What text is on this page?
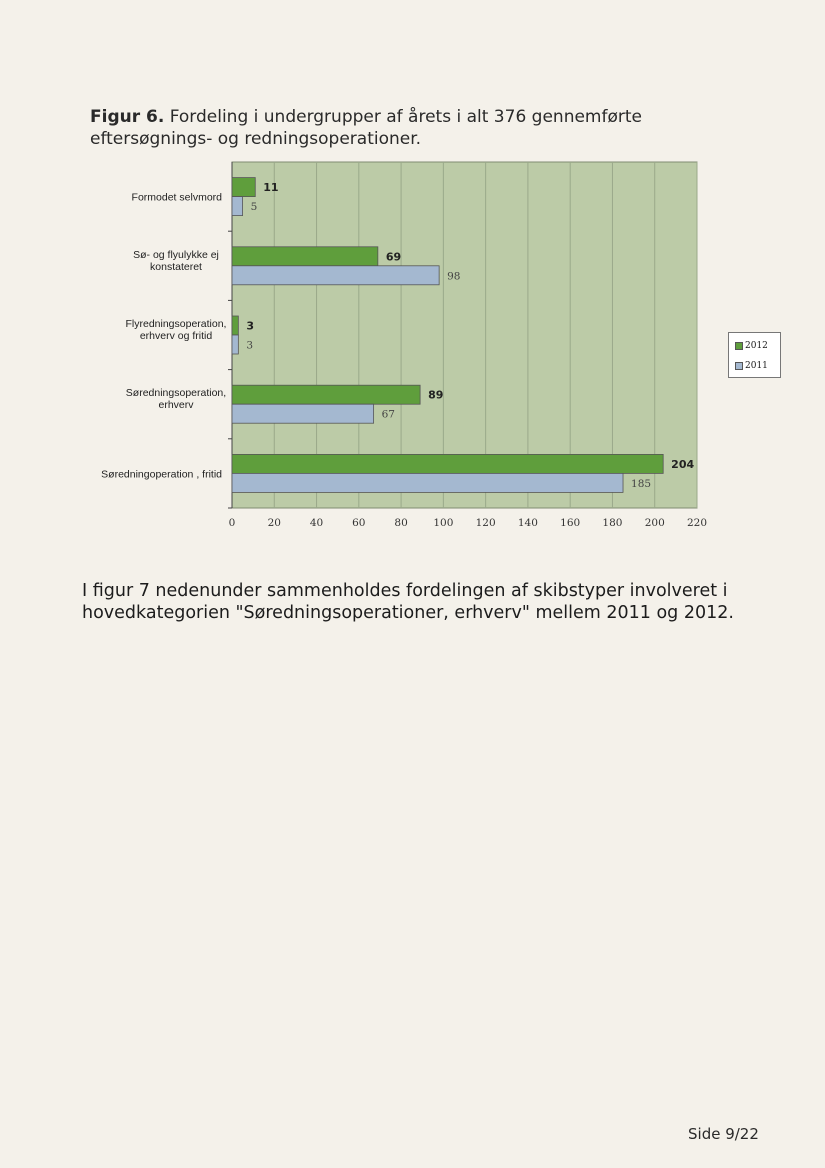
Figur 6. Fordeling i undergrupper af årets i alt 376 gennemførte eftersøgnings- og redningsoperationer.
0	20	40	60	80 100 120 140 160 180 200 220
11
5
Formodet selvmord
69
98
Sø- og flyulykke ej
konstateret
3
3
Flyredningsoperation,
erhverv og fritid
89
67
Søredningsoperation,
erhverv
204
185
Søredningoperation , fritid
2012
2011
I figur 7 nedenunder sammenholdes fordelingen af skibstyper involveret i hovedkategorien "Søredningsoperationer, erhverv" mellem 2011 og 2012.
Side 9/22
